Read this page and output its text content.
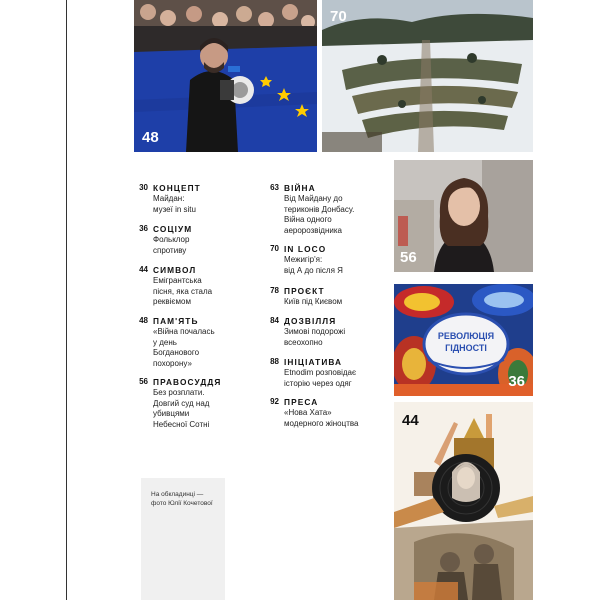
48
70
56
РЕВОЛЮЦІЯ
ГІДНОСТІ
36
44
30 КОНЦЕПТ
Майдан:
музеї in situ
36 СОЦІУМ
Фольклор
спротиву
44 СИМВОЛ
Емігрантська
пісня, яка стала
реквіємом
48 ПАМ'ЯТЬ
«Війна почалась
у день
Богданового
похорону»
56 ПРАВОСУДДЯ
Без розплати.
Довгий суд над
убивцями
Небесної Сотні
63 ВІЙНА
Від Майдану до
териконів Донбасу.
Війна одного
аеророзвідника
70 IN LOCO
Межигір'я:
від А до після Я
78 ПРОЄКТ
Київ під Києвом
84 ДОЗВІЛЛЯ
Зимові подорожі
всеохопно
88 ІНІЦІАТИВА
Etnodim розповідає
історію через одяг
92 ПРЕСА
«Нова Хата»
модерного жіноцтва
На обкладинці —
фото Юлії Кочетової
